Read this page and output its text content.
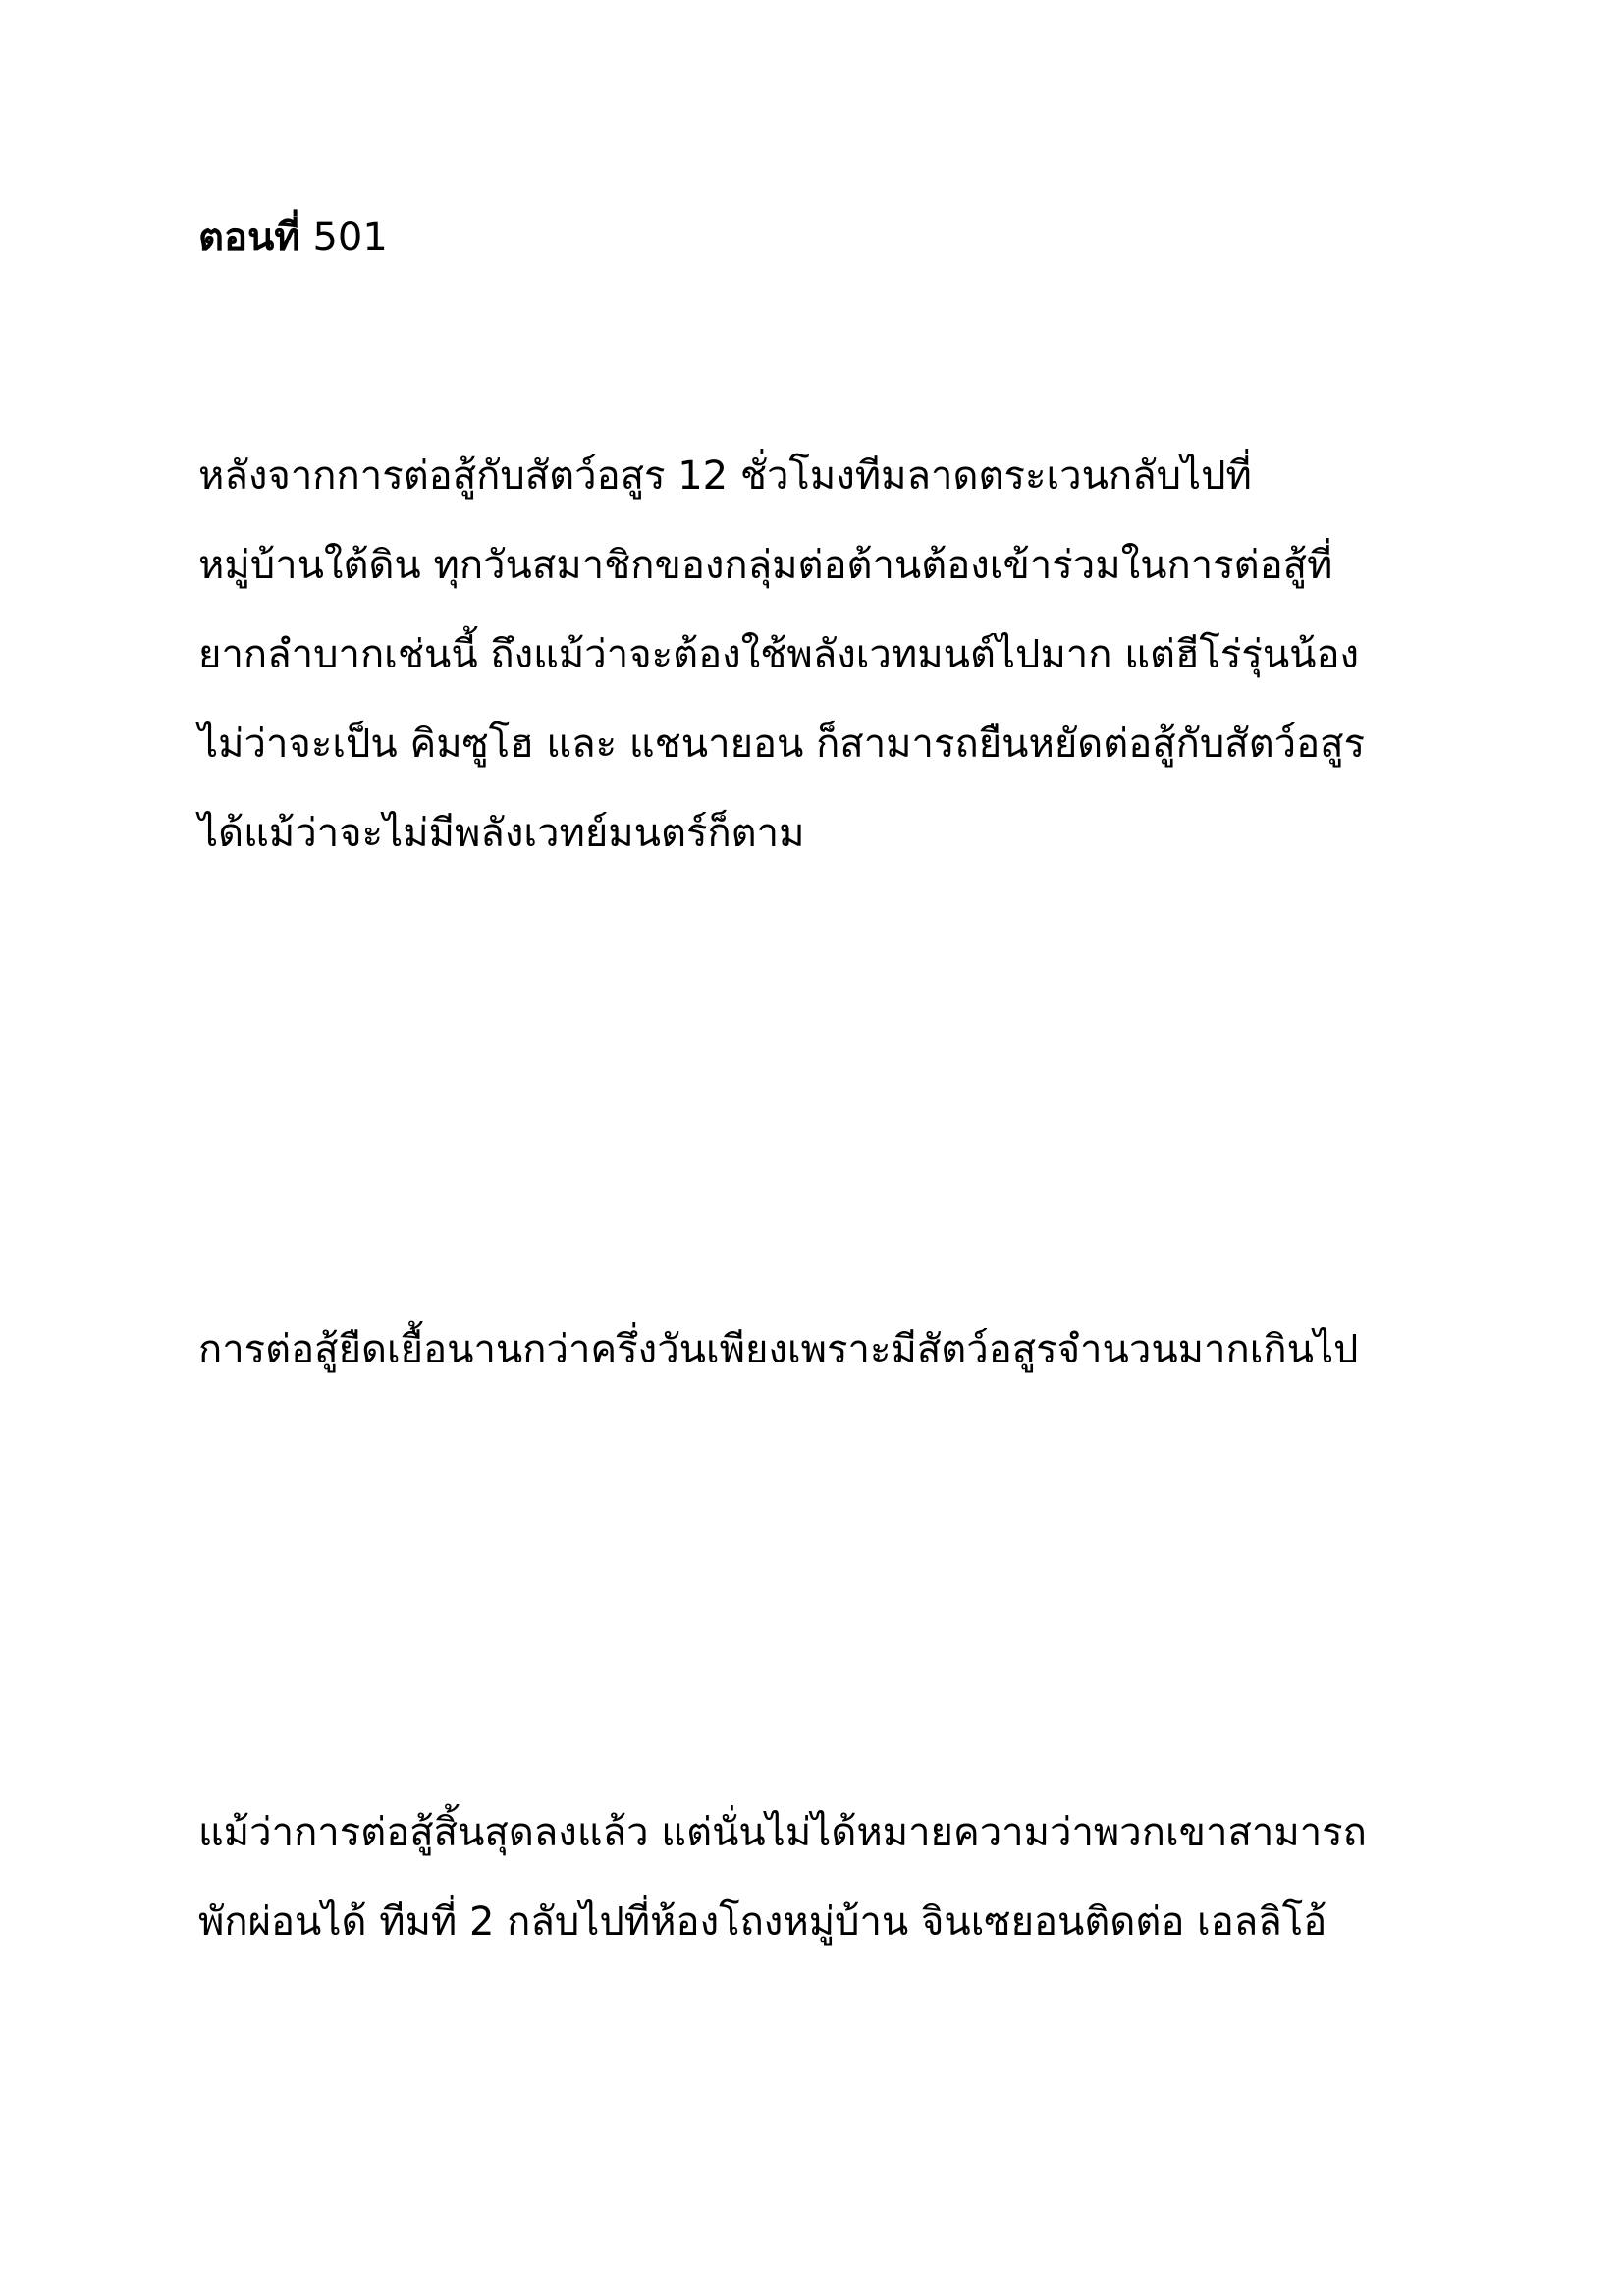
ตอนที่ 501
หลังจากการต่อสู้กับสัตว์อสูร 12 ชั่วโมงทีมลาดตระเวนกลับไปที่
หมู่บ้านใต้ดิน ทุกวันสมาชิกของกลุ่มต่อต้านต้องเข้าร่วมในการต่อสู้ที่
ยากลำบากเช่นนี้ ถึงแม้ว่าจะต้องใช้พลังเวทมนต์ไปมาก แต่ฮีโร่รุ่นน้อง
ไม่ว่าจะเป็น คิมซูโฮ และ แชนายอน ก็สามารถยืนหยัดต่อสู้กับสัตว์อสูร
ได้แม้ว่าจะไม่มีพลังเวทย์มนตร์ก็ตาม
การต่อสู้ยืดเยื้อนานกว่าครึ่งวันเพียงเพราะมีสัตว์อสูรจำนวนมากเกินไป
แม้ว่าการต่อสู้สิ้นสุดลงแล้ว แต่นั่นไม่ได้หมายความว่าพวกเขาสามารถ
พักผ่อนได้ ทีมที่ 2 กลับไปที่ห้องโถงหมู่บ้าน จินเซยอนติดต่อ เอลลิโอ้
